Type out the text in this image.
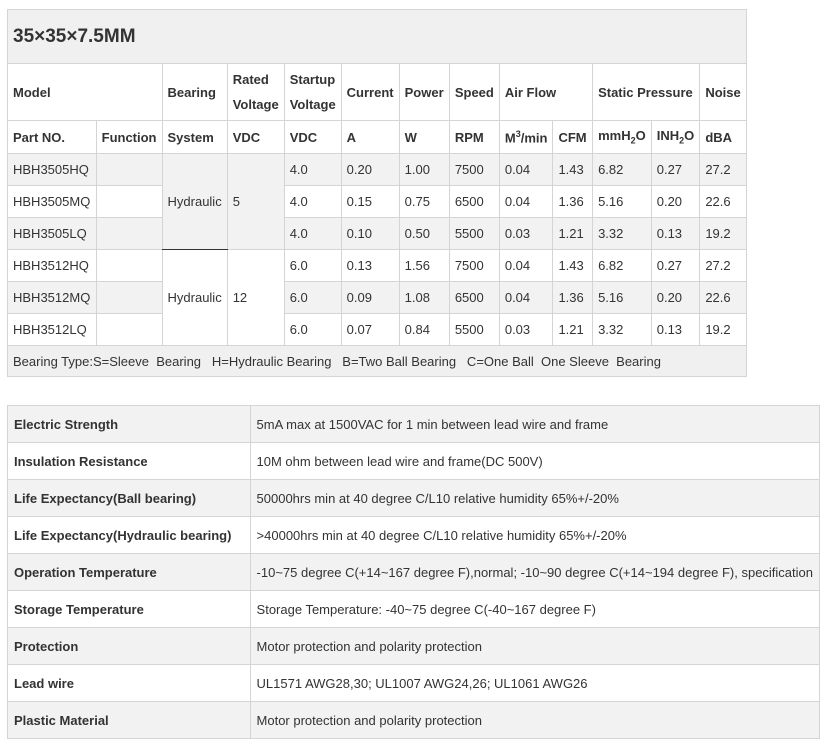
35×35×7.5MM												
Model		Bearing	Rated Voltage	Startup Voltage	Current	Power	Speed	Air Flow		Static Pressure		Noise
Part NO.	Function	System	VDC	VDC	A	W	RPM	$M^3/\min$	CFM	mmH$_2$O	$INH_2O$	dBA
HBH3505HQ		Hydraulic	5	4.0	0.20	1.00	7500	0.04	1.43	6.82	0.27	27.2
HBH3505MQ				4.0	0.15	0.75	6500	0.04	1.36	5.16	0.20	22.6
HBH3505LQ				4.0	0.10	0.50	5500	0.03	1.21	3.32	0.13	19.2
HBH3512HQ		Hydraulic	12	6.0	0.13	1.56	7500	0.04	1.43	6.82	0.27	27.2
HBH3512MQ				6.0	0.09	1.08	6500	0.04	1.36	5.16	0.20	22.6
HBH3512LQ				6.0	0.07	0.84	5500	0.03	1.21	3.32	0.13	19.2
Bearing Type:S=Sleeve  Bearing   H=Hydraulic Bearing   B=Two Ball Bearing   C=One Ball  One Sleeve  Bearing												
Electric Strength	5mA max at 1500VAC for 1 min between lead wire and frame
Insulation Resistance	10M ohm between lead wire and frame(DC 500V)
Life Expectancy(Ball bearing)	50000hrs min at 40 degree C/L10 relative humidity 65%+/-20%
Life Expectancy(Hydraulic bearing)	>40000hrs min at 40 degree C/L10 relative humidity 65%+/-20%
Operation Temperature	-10~75 degree C(+14~167 degree F),normal; -10~90 degree C(+14~194 degree F), specification
Storage Temperature	Storage Temperature: -40~75 degree C(-40~167 degree F)
Protection	Motor protection and polarity protection
Lead wire	UL1571 AWG28,30; UL1007 AWG24,26; UL1061 AWG26
Plastic Material	Motor protection and polarity protection
